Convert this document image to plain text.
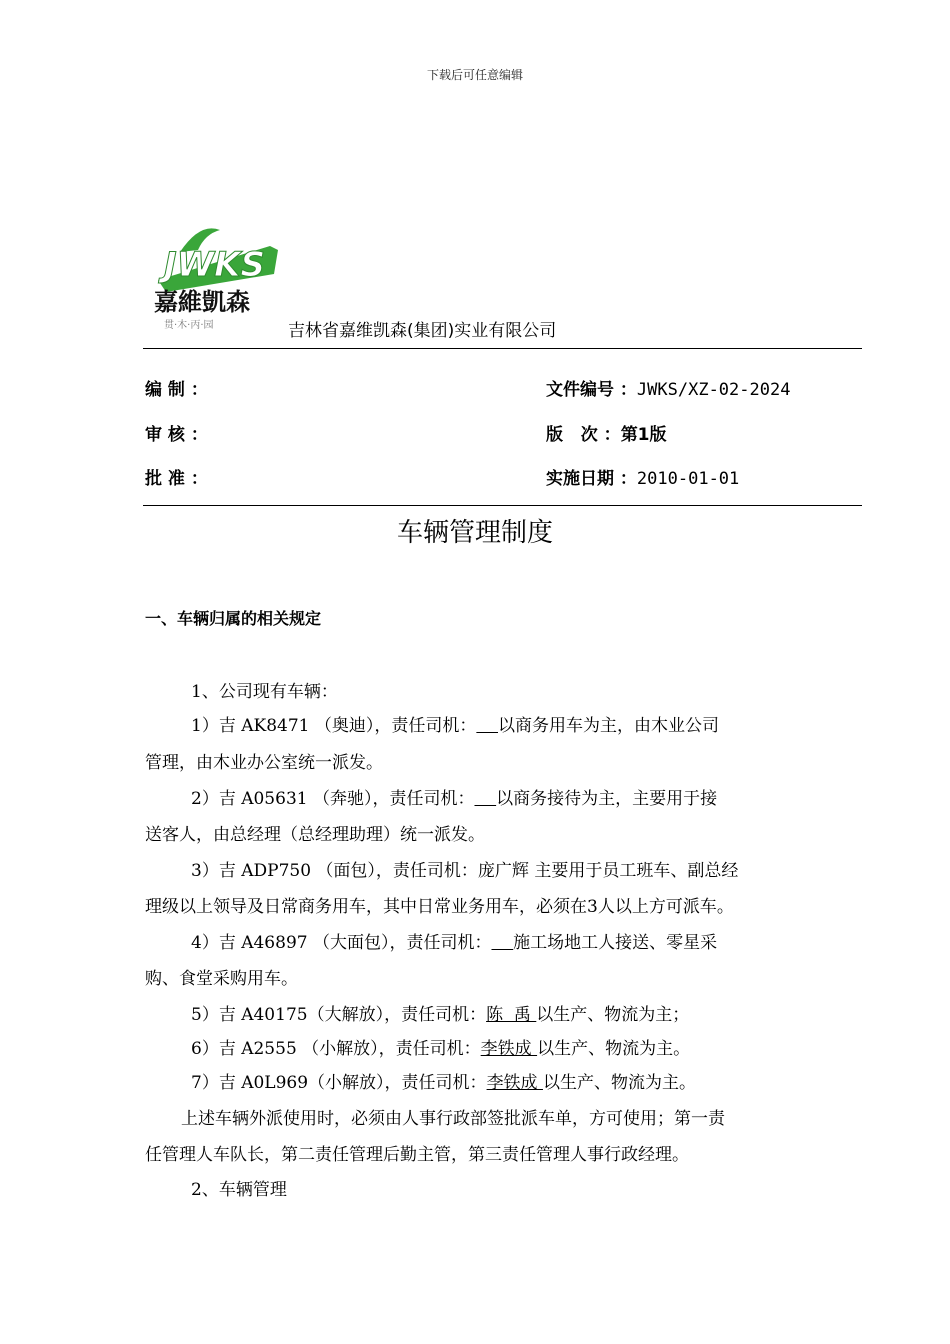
下载后可任意编辑
JWKS
嘉維凱森
贯·木·丙·园	吉林省嘉维凯森(集团)实业有限公司
编 制 ：
审 核 ：
批 准 ：
文件编号 ：JWKS/XZ-02-2024
版   次 ：第1版
实施日期 ：2010-01-01
车辆管理制度
一、车辆归属的相关规定
1、公司现有车辆：
1）吉 AK8471 （奥迪），责任司机： 以商务用车为主，由木业公司
管理，由木业办公室统一派发。
2）吉 A05631 （奔驰），责任司机： 以商务接待为主，主要用于接
送客人，由总经理（总经理助理）统一派发。
3）吉 ADP750 （面包），责任司机：庞广辉 主要用于员工班车、副总经
理级以上领导及日常商务用车，其中日常业务用车，必须在3人以上方可派车。
4）吉 A46897 （大面包），责任司机： 施工场地工人接送、零星采
购、食堂采购用车。
5）吉 A40175（大解放），责任司机：陈  禹 以生产、物流为主；
6）吉 A2555 （小解放），责任司机：李铁成 以生产、物流为主。
7）吉 A0L969（小解放），责任司机：李铁成 以生产、物流为主。
上述车辆外派使用时，必须由人事行政部签批派车单，方可使用；第一责
任管理人车队长，第二责任管理后勤主管，第三责任管理人事行政经理。
2、车辆管理
